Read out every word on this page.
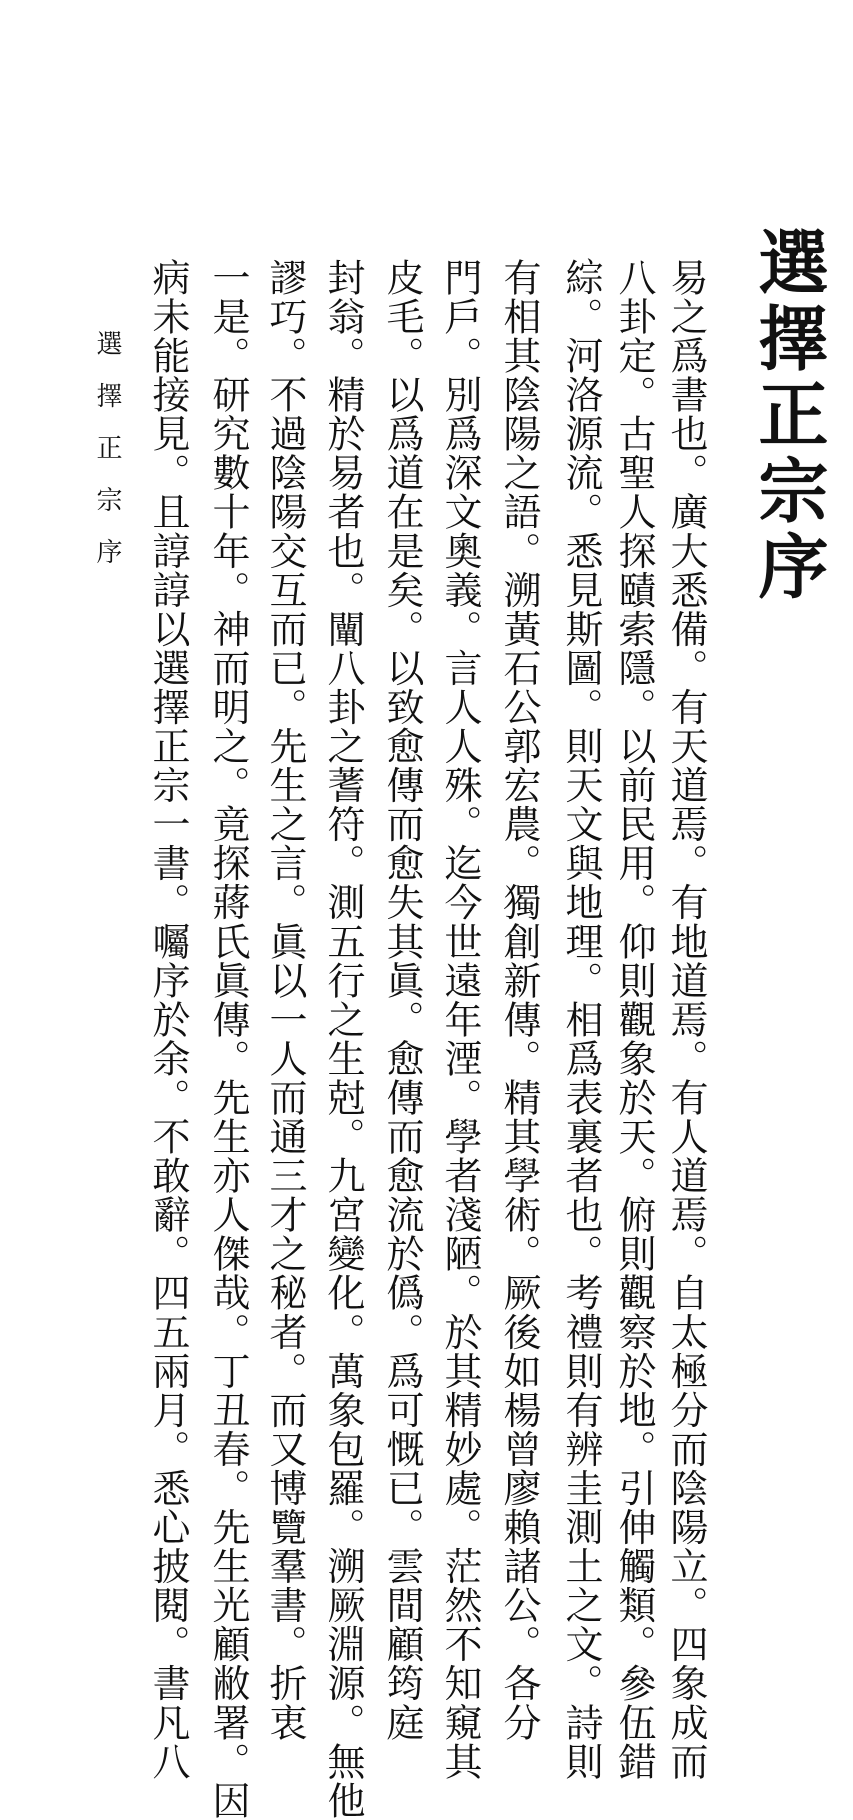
選擇正宗序
易之爲書也。廣大悉備。有天道焉。有地道焉。有人道焉。自太極分而陰陽立。四象成而
八卦定。古聖人探賾索隱。以前民用。仰則觀象於天。俯則觀察於地。引伸觸類。參伍錯
綜。河洛源流。悉見斯圖。則天文與地理。相爲表裏者也。考禮則有辨圭測土之文。詩則
有相其陰陽之語。溯黃石公郭宏農。獨創新傳。精其學術。厥後如楊曾廖賴諸公。各分
門戶。別爲深文奧義。言人人殊。迄今世遠年湮。學者淺陋。於其精妙處。茫然不知窺其
皮毛。以爲道在是矣。以致愈傳而愈失其眞。愈傳而愈流於僞。爲可慨已。雲間顧筠庭
封翁。精於易者也。闡八卦之蓍符。測五行之生尅。九宮變化。萬象包羅。溯厥淵源。無他
謬巧。不過陰陽交互而已。先生之言。眞以一人而通三才之秘者。而又博覽羣書。折衷
一是。研究數十年。神而明之。竟探蔣氏眞傳。先生亦人傑哉。丁丑春。先生光顧敝署。因
病未能接見。且諄諄以選擇正宗一書。囑序於余。不敢辭。四五兩月。悉心披閱。書凡八
選擇正宗序
